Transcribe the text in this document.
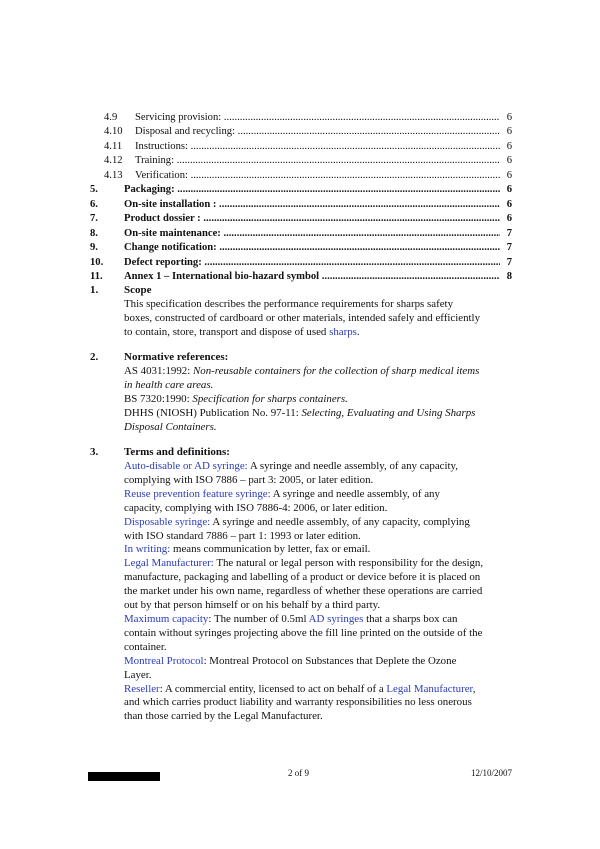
4.9 Servicing provision: .....	6
4.10 Disposal and recycling: .....	6
4.11 Instructions: .....	6
4.12 Training: .....	6
4.13 Verification: .....	6
5. Packaging: .....	6
6. On-site installation : .....	6
7. Product dossier : .....	6
8. On-site maintenance: .....	7
9. Change notification: .....	7
10. Defect reporting: .....	7
11. Annex 1 – International bio-hazard symbol .....	8
1. Scope
This specification describes the performance requirements for sharps safety
boxes, constructed of cardboard or other materials, intended safely and efficiently
to contain, store, transport and dispose of used sharps.
2. Normative references:
AS 4031:1992: Non-reusable containers for the collection of sharp medical items
in health care areas.
BS 7320:1990: Specification for sharps containers.
DHHS (NIOSH) Publication No. 97-11: Selecting, Evaluating and Using Sharps
Disposal Containers.
3. Terms and definitions:
Auto-disable or AD syringe: A syringe and needle assembly, of any capacity,
complying with ISO 7886 – part 3: 2005, or later edition.
Reuse prevention feature syringe: A syringe and needle assembly, of any
capacity, complying with ISO 7886-4: 2006, or later edition.
Disposable syringe: A syringe and needle assembly, of any capacity, complying
with ISO standard 7886 – part 1: 1993 or later edition.
In writing: means communication by letter, fax or email.
Legal Manufacturer: The natural or legal person with responsibility for the design,
manufacture, packaging and labelling of a product or device before it is placed on
the market under his own name, regardless of whether these operations are carried
out by that person himself or on his behalf by a third party.
Maximum capacity: The number of 0.5ml AD syringes that a sharps box can
contain without syringes projecting above the fill line printed on the outside of the
container.
Montreal Protocol: Montreal Protocol on Substances that Deplete the Ozone
Layer.
Reseller: A commercial entity, licensed to act on behalf of a Legal Manufacturer,
and which carries product liability and warranty responsibilities no less onerous
than those carried by the Legal Manufacturer.
2 of 9	12/10/2007
